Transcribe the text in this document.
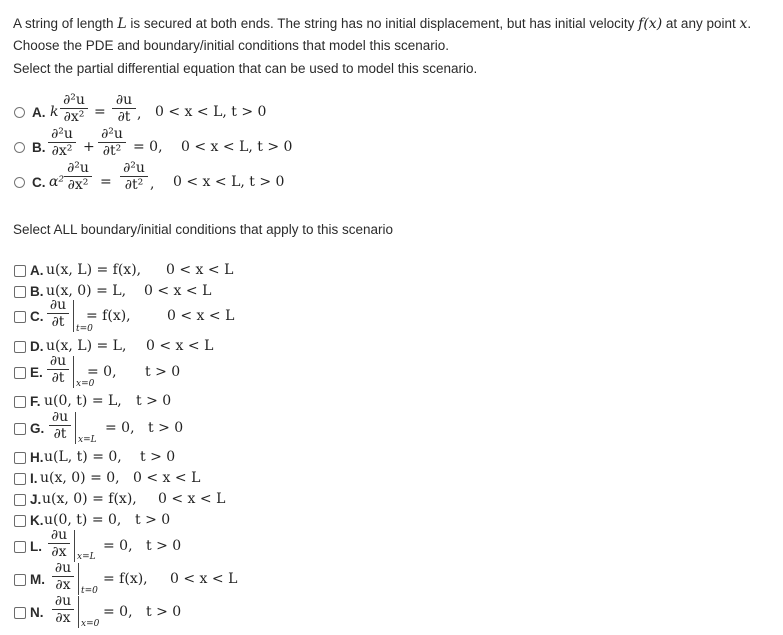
A string of length L is secured at both ends. The string has no initial displacement, but has initial velocity f(x) at any point x.

Choose the PDE and boundary/initial conditions that model this scenario.

Select the partial differential equation that can be used to model this scenario.

A. k
∂²u
∂x² =
∂u
∂t , 0 < x < L, t > 0
B.
∂²u
∂x² +
∂²u
∂t² = 0, 0 < x < L, t > 0
C. α²
∂²u
∂x² =
∂²u
∂t² , 0 < x < L, t > 0
Select ALL boundary/initial conditions that apply to this scenario
A. u(x, L) = f(x), 0 < x < L
B. u(x, 0) = L, 0 < x < L
C.
∂u
∂t	t=0
= f(x),	0 < x < L
D. u(x, L) = L, 0 < x < L
E.
∂u
∂t	x=0
= 0, t > 0
F. u(0, t) = L, t > 0
G.
∂u
∂t	x=L
= 0, t > 0
H. u(L, t) = 0, t > 0
I. u(x, 0) = 0, 0 < x < L
J. u(x, 0) = f(x), 0 < x < L
K. u(0, t) = 0, t > 0
L.
∂u
∂x	x=L
= 0, t > 0
M.
∂u
∂x	t=0
= f(x), 0 < x < L
N.
∂u
∂x	x=0
= 0, t > 0
